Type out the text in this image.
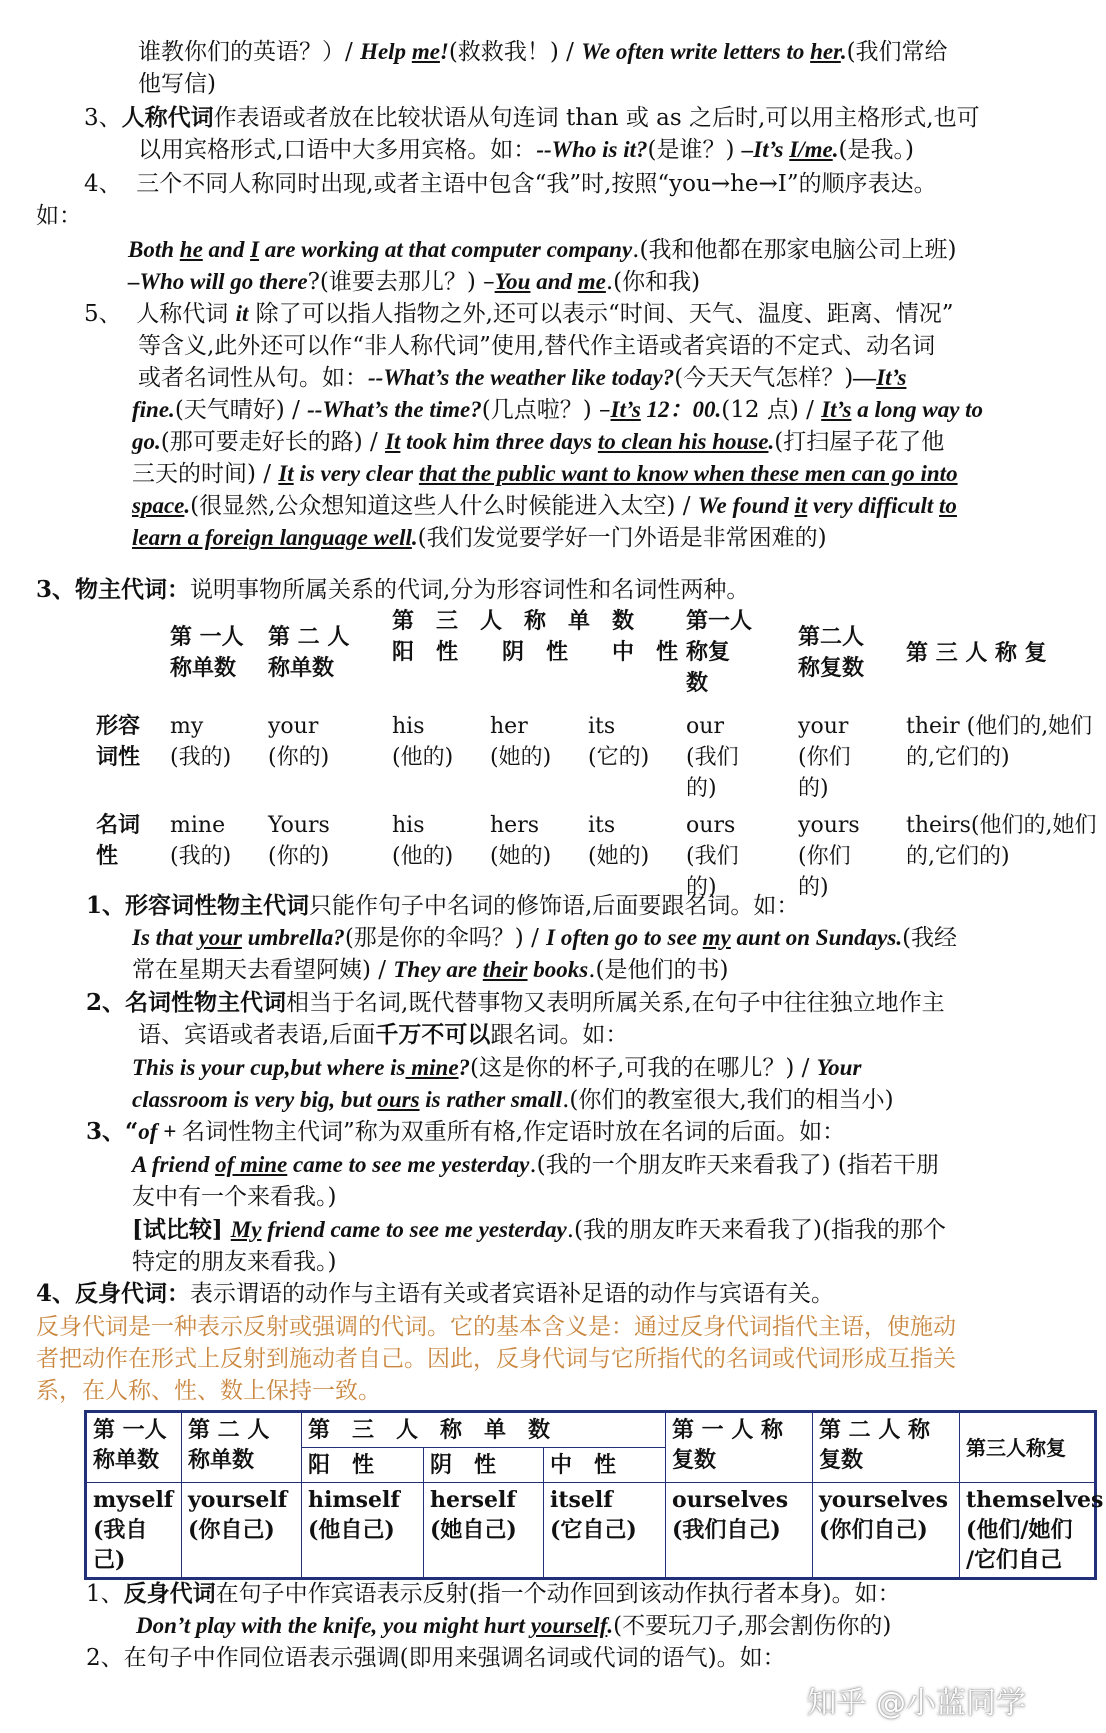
谁教你们的英语？）/ Help me!(救救我！) / We often write letters to her.(我们常给
他写信)
3、人称代词作表语或者放在比较状语从句连词 than 或 as 之后时,可以用主格形式,也可
以用宾格形式,口语中大多用宾格。如：--Who is it?(是谁？) –It’s I/me.(是我。)
4、 三个不同人称同时出现,或者主语中包含“我”时,按照“you→he→I”的顺序表达。
如：
Both he and I are working at that computer company.(我和他都在那家电脑公司上班)
–Who will go there?(谁要去那儿？) –You and me.(你和我)
5、 人称代词 it 除了可以指人指物之外,还可以表示“时间、天气、温度、距离、情况”
等含义,此外还可以作“非人称代词”使用,替代作主语或者宾语的不定式、动名词
或者名词性从句。如：--What’s the weather like today?(今天天气怎样？)—It’s
fine.(天气晴好) / --What’s the time?(几点啦？) –It’s 12：00.(12 点) / It’s a long way to
go.(那可要走好长的路) / It took him three days to clean his house.(打扫屋子花了他
三天的时间) / It is very clear that the public want to know when these men can go into
space.(很显然,公众想知道这些人什么时候能进入太空) / We found it very difficult to
learn a foreign language well.(我们发觉要学好一门外语是非常困难的)
3、物主代词：说明事物所属关系的代词,分为形容词性和名词性两种。
	第 一人
称单数	第 二 人
称单数	第　三　人　称　单　数
阳　性　　阴　性　　中　性			第一人
称复
数	第二人
称复数	第 三 人 称 复
形容
词性	my
(我的)	your
(你的)	his
(他的)	her
(她的)	its
(它的)	our
(我们
的)	your
(你们
的)	their (他们的,她们
的,它们的)
名词
性	mine
(我的)	Yours
(你的)	his
(他的)	hers
(她的)	its
(她的)	ours
(我们
的)	yours
(你们
的)	theirs(他们的,她们
的,它们的)
1、形容词性物主代词只能作句子中名词的修饰语,后面要跟名词。如：
Is that your umbrella?(那是你的伞吗？) / I often go to see my aunt on Sundays.(我经
常在星期天去看望阿姨) / They are their books.(是他们的书)
2、名词性物主代词相当于名词,既代替事物又表明所属关系,在句子中往往独立地作主
语、宾语或者表语,后面千万不可以跟名词。如：
This is your cup,but where is mine?(这是你的杯子,可我的在哪儿？) / Your
classroom is very big, but ours is rather small.(你们的教室很大,我们的相当小)
3、“of + 名词性物主代词”称为双重所有格,作定语时放在名词的后面。如：
A friend of mine came to see me yesterday.(我的一个朋友昨天来看我了) (指若干朋
友中有一个来看我。)
[试比较] My friend came to see me yesterday.(我的朋友昨天来看我了)(指我的那个
特定的朋友来看我。)
4、反身代词：表示谓语的动作与主语有关或者宾语补足语的动作与宾语有关。
反身代词是一种表示反射或强调的代词。它的基本含义是：通过反身代词指代主语，使施动
者把动作在形式上反射到施动者自己。因此，反身代词与它所指代的名词或代词形成互指关
系，在人称、性、数上保持一致。
第 一人
称单数	第 二 人
称单数	第　三　人　称　单　数			第 一 人 称
复数	第 二 人 称
复数	第三人称复
		阳　性	阴　性	中　性			
myself
(我自己)	yourself
(你自己)	himself
(他自己)	herself
(她自己)	itself
(它自己)	ourselves
(我们自己)	yourselves
(你们自己)	themselves
(他们/她们
/它们自己
1、反身代词在句子中作宾语表示反射(指一个动作回到该动作执行者本身)。如：
Don’t play with the knife, you might hurt yourself.(不要玩刀子,那会割伤你的)
2、在句子中作同位语表示强调(即用来强调名词或代词的语气)。如：
知乎 @小蓝同学
